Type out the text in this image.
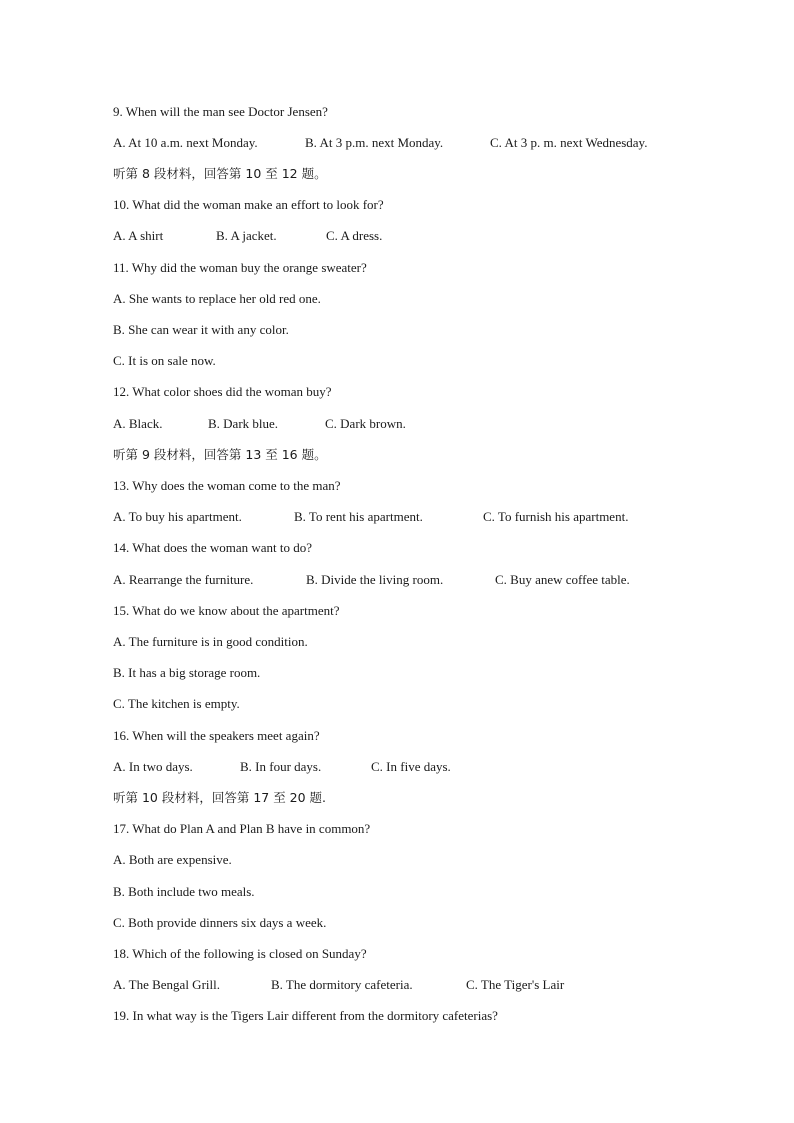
9. When will the man see Doctor Jensen?
A. At 10 a.m. next Monday.	B. At 3 p.m. next Monday.	C. At 3 p. m. next Wednesday.
听第 8 段材料，回答第 10 至 12 题。
10. What did the woman make an effort to look for?
A. A shirt	B. A jacket.	C. A dress.
11. Why did the woman buy the orange sweater?
A. She wants to replace her old red one.
B. She can wear it with any color.
C. It is on sale now.
12. What color shoes did the woman buy?
A. Black.	B. Dark blue.	C. Dark brown.
听第 9 段材料，回答第 13 至 16 题。
13. Why does the woman come to the man?
A. To buy his apartment.	B. To rent his apartment.	C. To furnish his apartment.
14. What does the woman want to do?
A. Rearrange the furniture.	B. Divide the living room.	C. Buy anew coffee table.
15. What do we know about the apartment?
A. The furniture is in good condition.
B. It has a big storage room.
C. The kitchen is empty.
16. When will the speakers meet again?
A. In two days.	B. In four days.	C. In five days.
听第 10 段材料，回答第 17 至 20 题.
17. What do Plan A and Plan B have in common?
A. Both are expensive.
B. Both include two meals.
C. Both provide dinners six days a week.
18. Which of the following is closed on Sunday?
A. The Bengal Grill.	B. The dormitory cafeteria.	C. The Tiger's Lair
19. In what way is the Tigers Lair different from the dormitory cafeterias?
